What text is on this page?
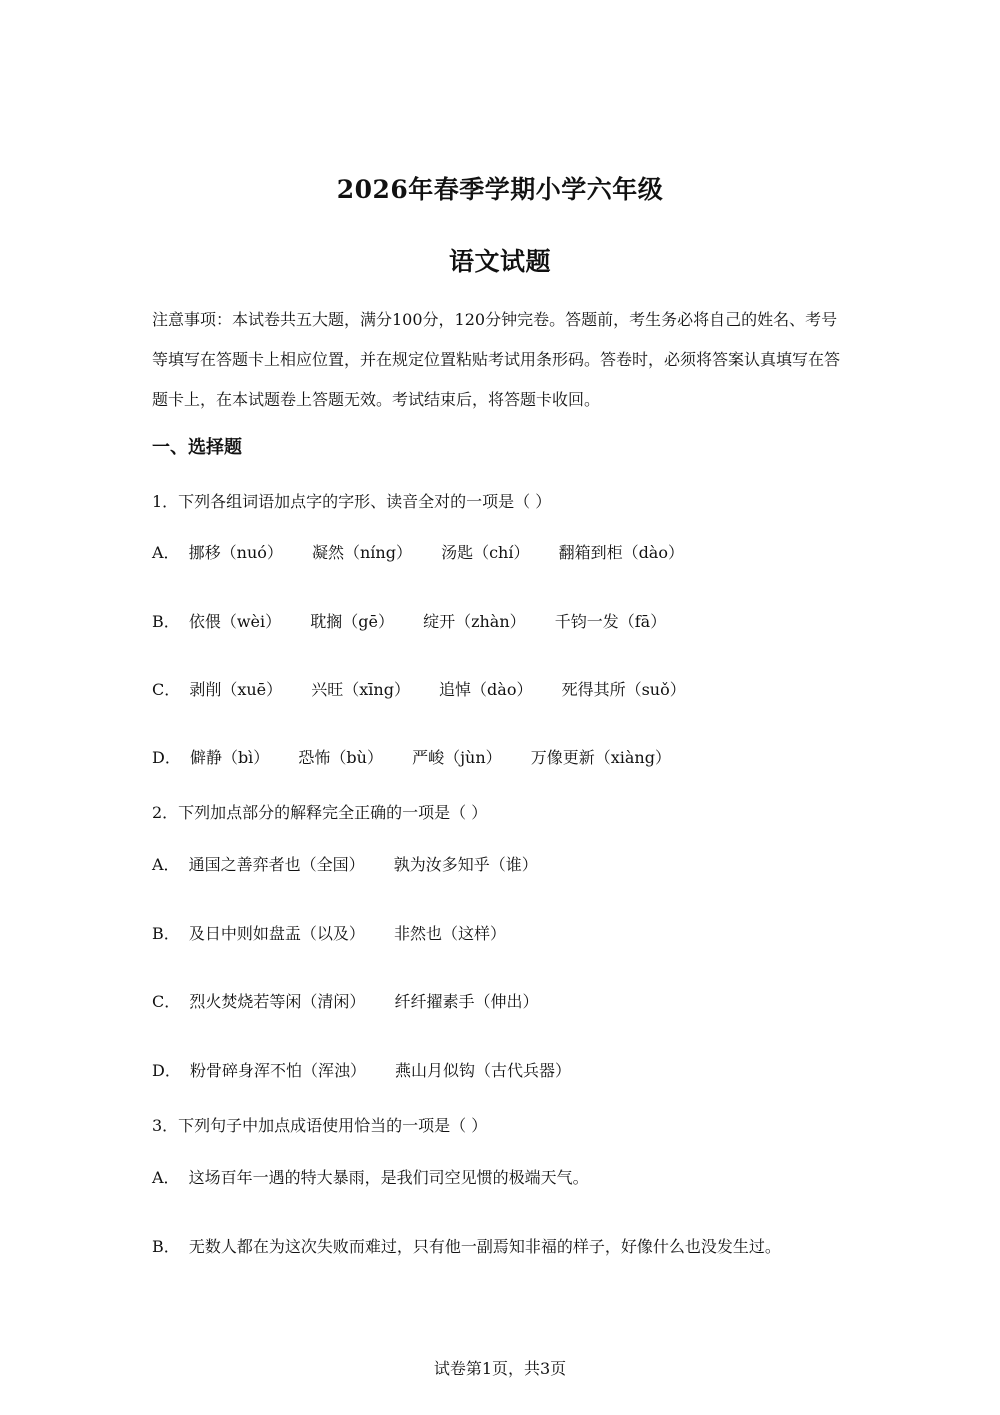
2026年春季学期小学六年级
语文试题
注意事项：本试卷共五大题，满分100分，120分钟完卷。答题前，考生务必将自己的姓名、考号等填写在答题卡上相应位置，并在规定位置粘贴考试用条形码。答卷时，必须将答案认真填写在答题卡上，在本试题卷上答题无效。考试结束后，将答题卡收回。
一、选择题
1．下列各组词语加点字的字形、读音全对的一项是（ ）
A． 挪移（nuó） 凝然（níng） 汤匙（chí） 翻箱到柜（dào）
B． 依偎（wèi） 耽搁（gē） 绽开（zhàn） 千钧一发（fā）
C． 剥削（xuē） 兴旺（xīng） 追悼（dào） 死得其所（suǒ）
D． 僻静（bì） 恐怖（bù） 严峻（jùn） 万像更新（xiàng）
2．下列加点部分的解释完全正确的一项是（ ）
A． 通国之善弈者也（全国） 孰为汝多知乎（谁）
B． 及日中则如盘盂（以及） 非然也（这样）
C． 烈火焚烧若等闲（清闲） 纤纤擢素手（伸出）
D． 粉骨碎身浑不怕（浑浊） 燕山月似钩（古代兵器）
3．下列句子中加点成语使用恰当的一项是（ ）
A． 这场百年一遇的特大暴雨，是我们司空见惯的极端天气。
B． 无数人都在为这次失败而难过，只有他一副焉知非福的样子，好像什么也没发生过。
试卷第1页，共3页
